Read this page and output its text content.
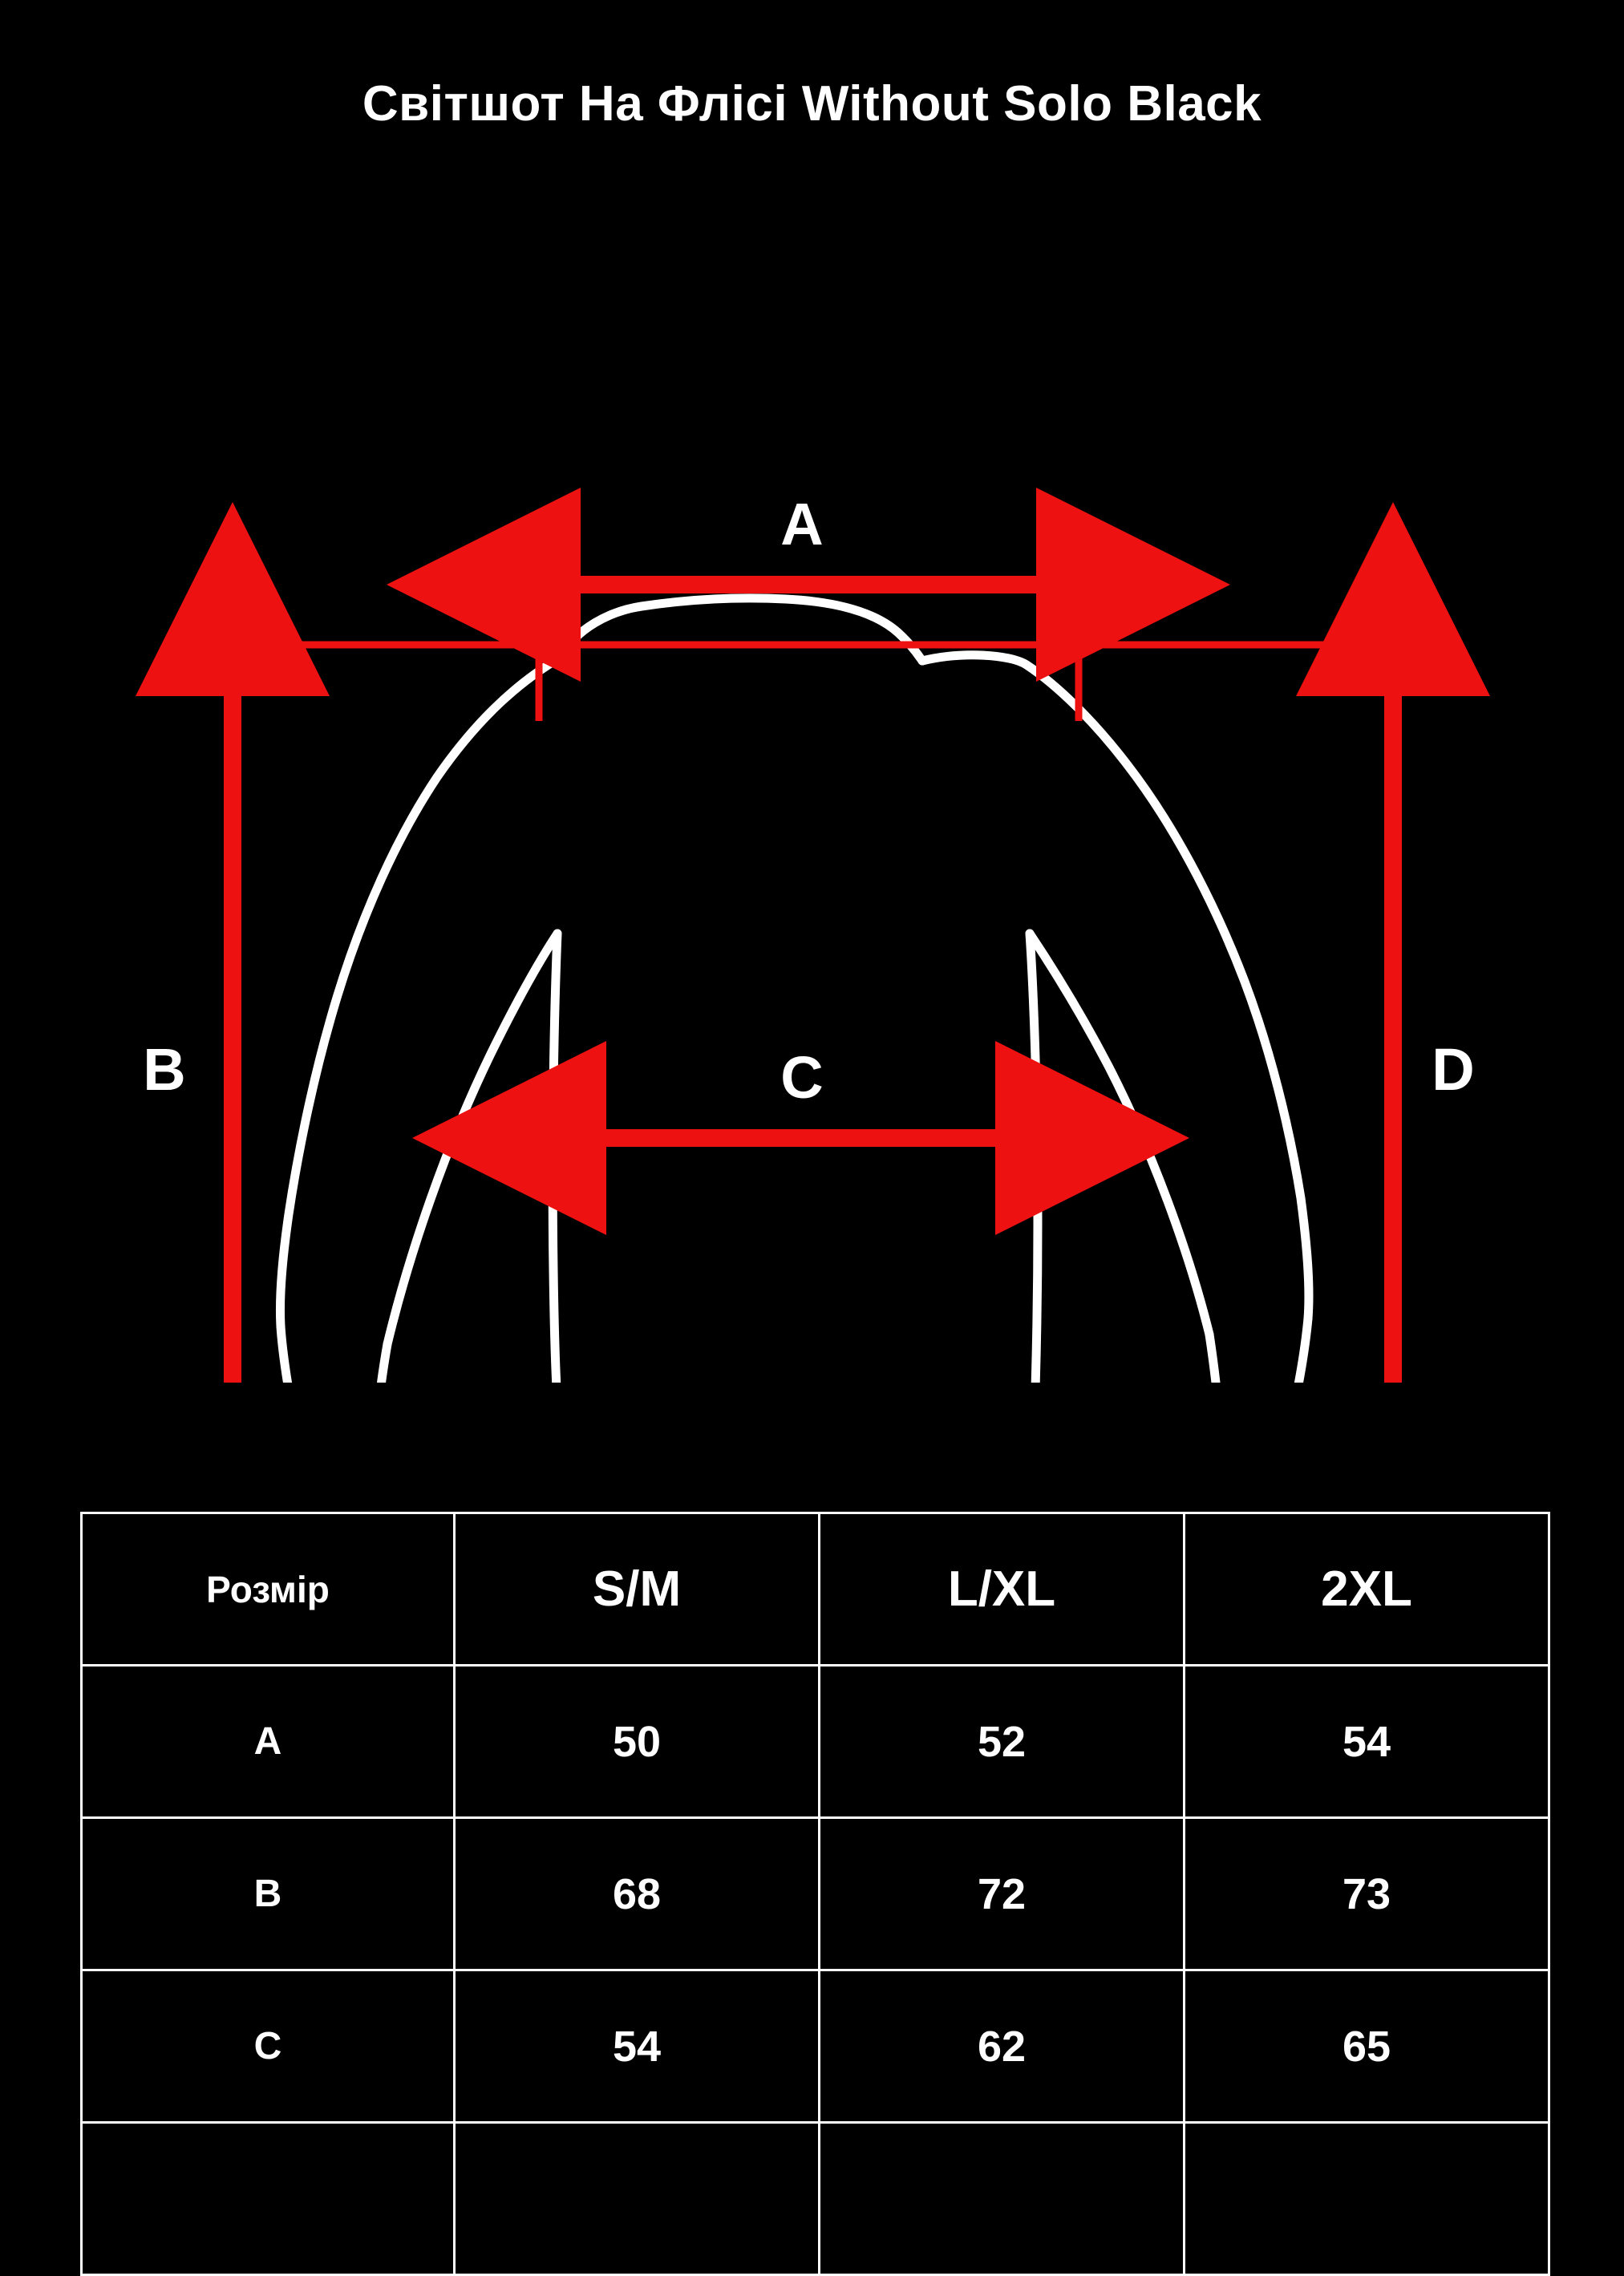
Світшот На Флісі Without Solo Black
A
B	C	D
Розмір	S/M	L/XL	2XL
A	50	52	54
B	68	72	73
C	54	62	65
